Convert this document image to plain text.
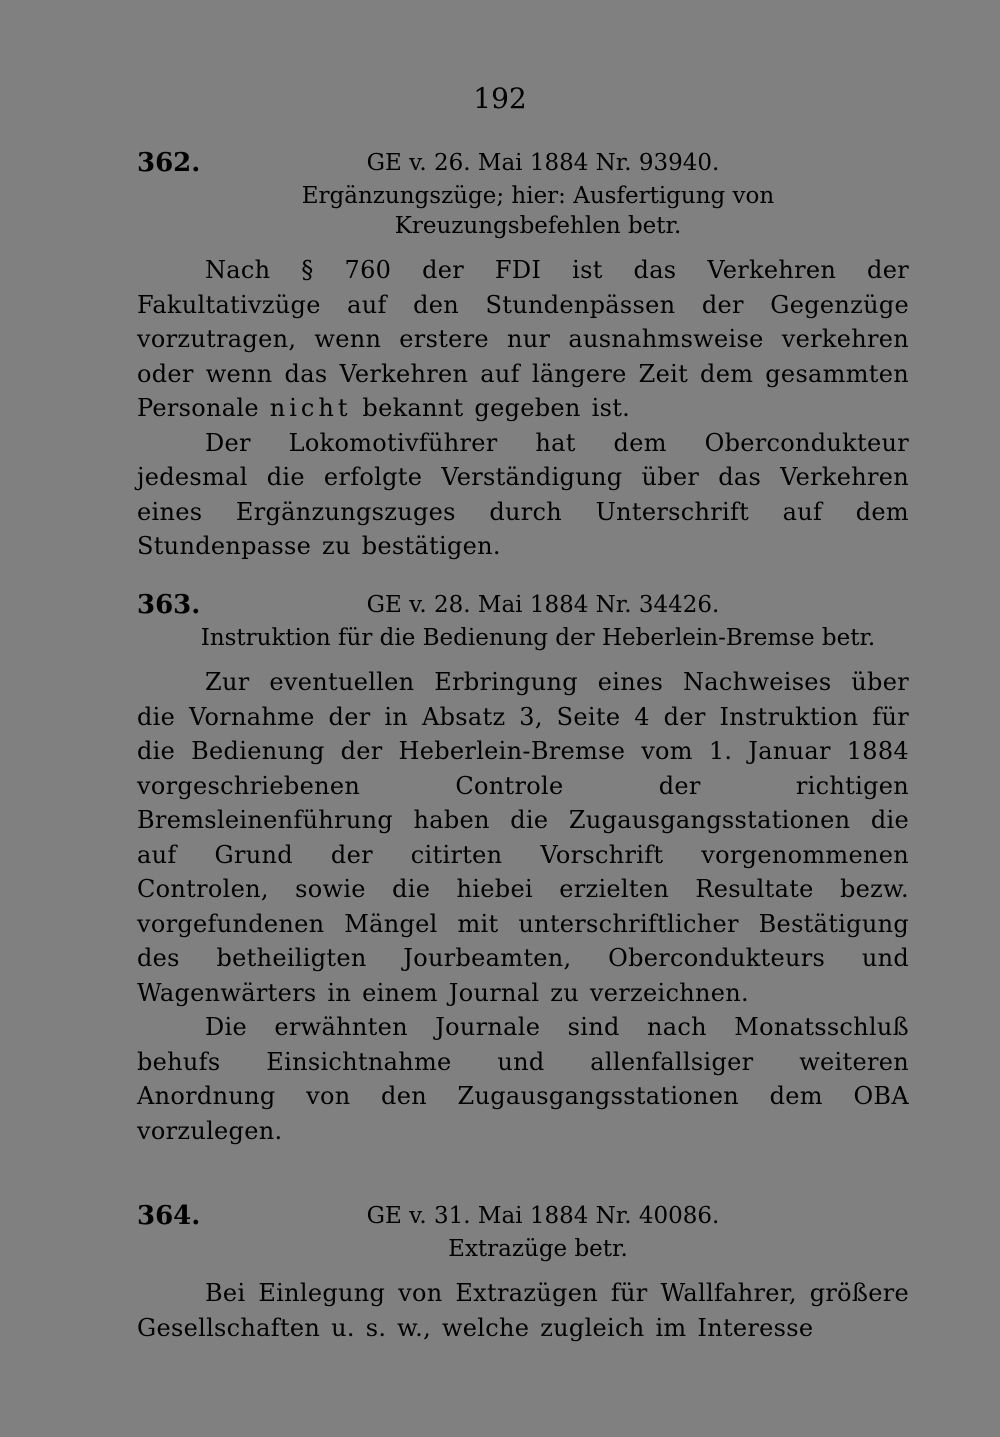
192
362.	GE v. 26. Mai 1884 Nr. 93940.
Ergänzungszüge; hier: Ausfertigung von Kreuzungsbefehlen betr.

Nach § 760 der FDI ist das Verkehren der Fakultativzüge auf den Stundenpässen der Gegenzüge vorzutragen, wenn erstere nur ausnahmsweise verkehren oder wenn das Verkehren auf längere Zeit dem gesammten Personale nicht bekannt gegeben ist.

Der Lokomotivführer hat dem Obercondukteur jedesmal die erfolgte Verständigung über das Verkehren eines Ergänzungszuges durch Unterschrift auf dem Stundenpasse zu bestätigen.

363.	GE v. 28. Mai 1884 Nr. 34426.
Instruktion für die Bedienung der Heberlein-Bremse betr.

Zur eventuellen Erbringung eines Nachweises über die Vornahme der in Absatz 3, Seite 4 der Instruktion für die Bedienung der Heberlein-Bremse vom 1. Januar 1884 vorgeschriebenen Controle der richtigen Bremsleinenführung haben die Zugausgangsstationen die auf Grund der citirten Vorschrift vorgenommenen Controlen, sowie die hiebei erzielten Resultate bezw. vorgefundenen Mängel mit unterschriftlicher Bestätigung des betheiligten Jourbeamten, Obercondukteurs und Wagenwärters in einem Journal zu verzeichnen.

Die erwähnten Journale sind nach Monatsschluß behufs Einsichtnahme und allenfallsiger weiteren Anordnung von den Zugausgangsstationen dem OBA vorzulegen.

364.	GE v. 31. Mai 1884 Nr. 40086.
Extrazüge betr.

Bei Einlegung von Extrazügen für Wallfahrer, größere Gesellschaften u. s. w., welche zugleich im Interesse
